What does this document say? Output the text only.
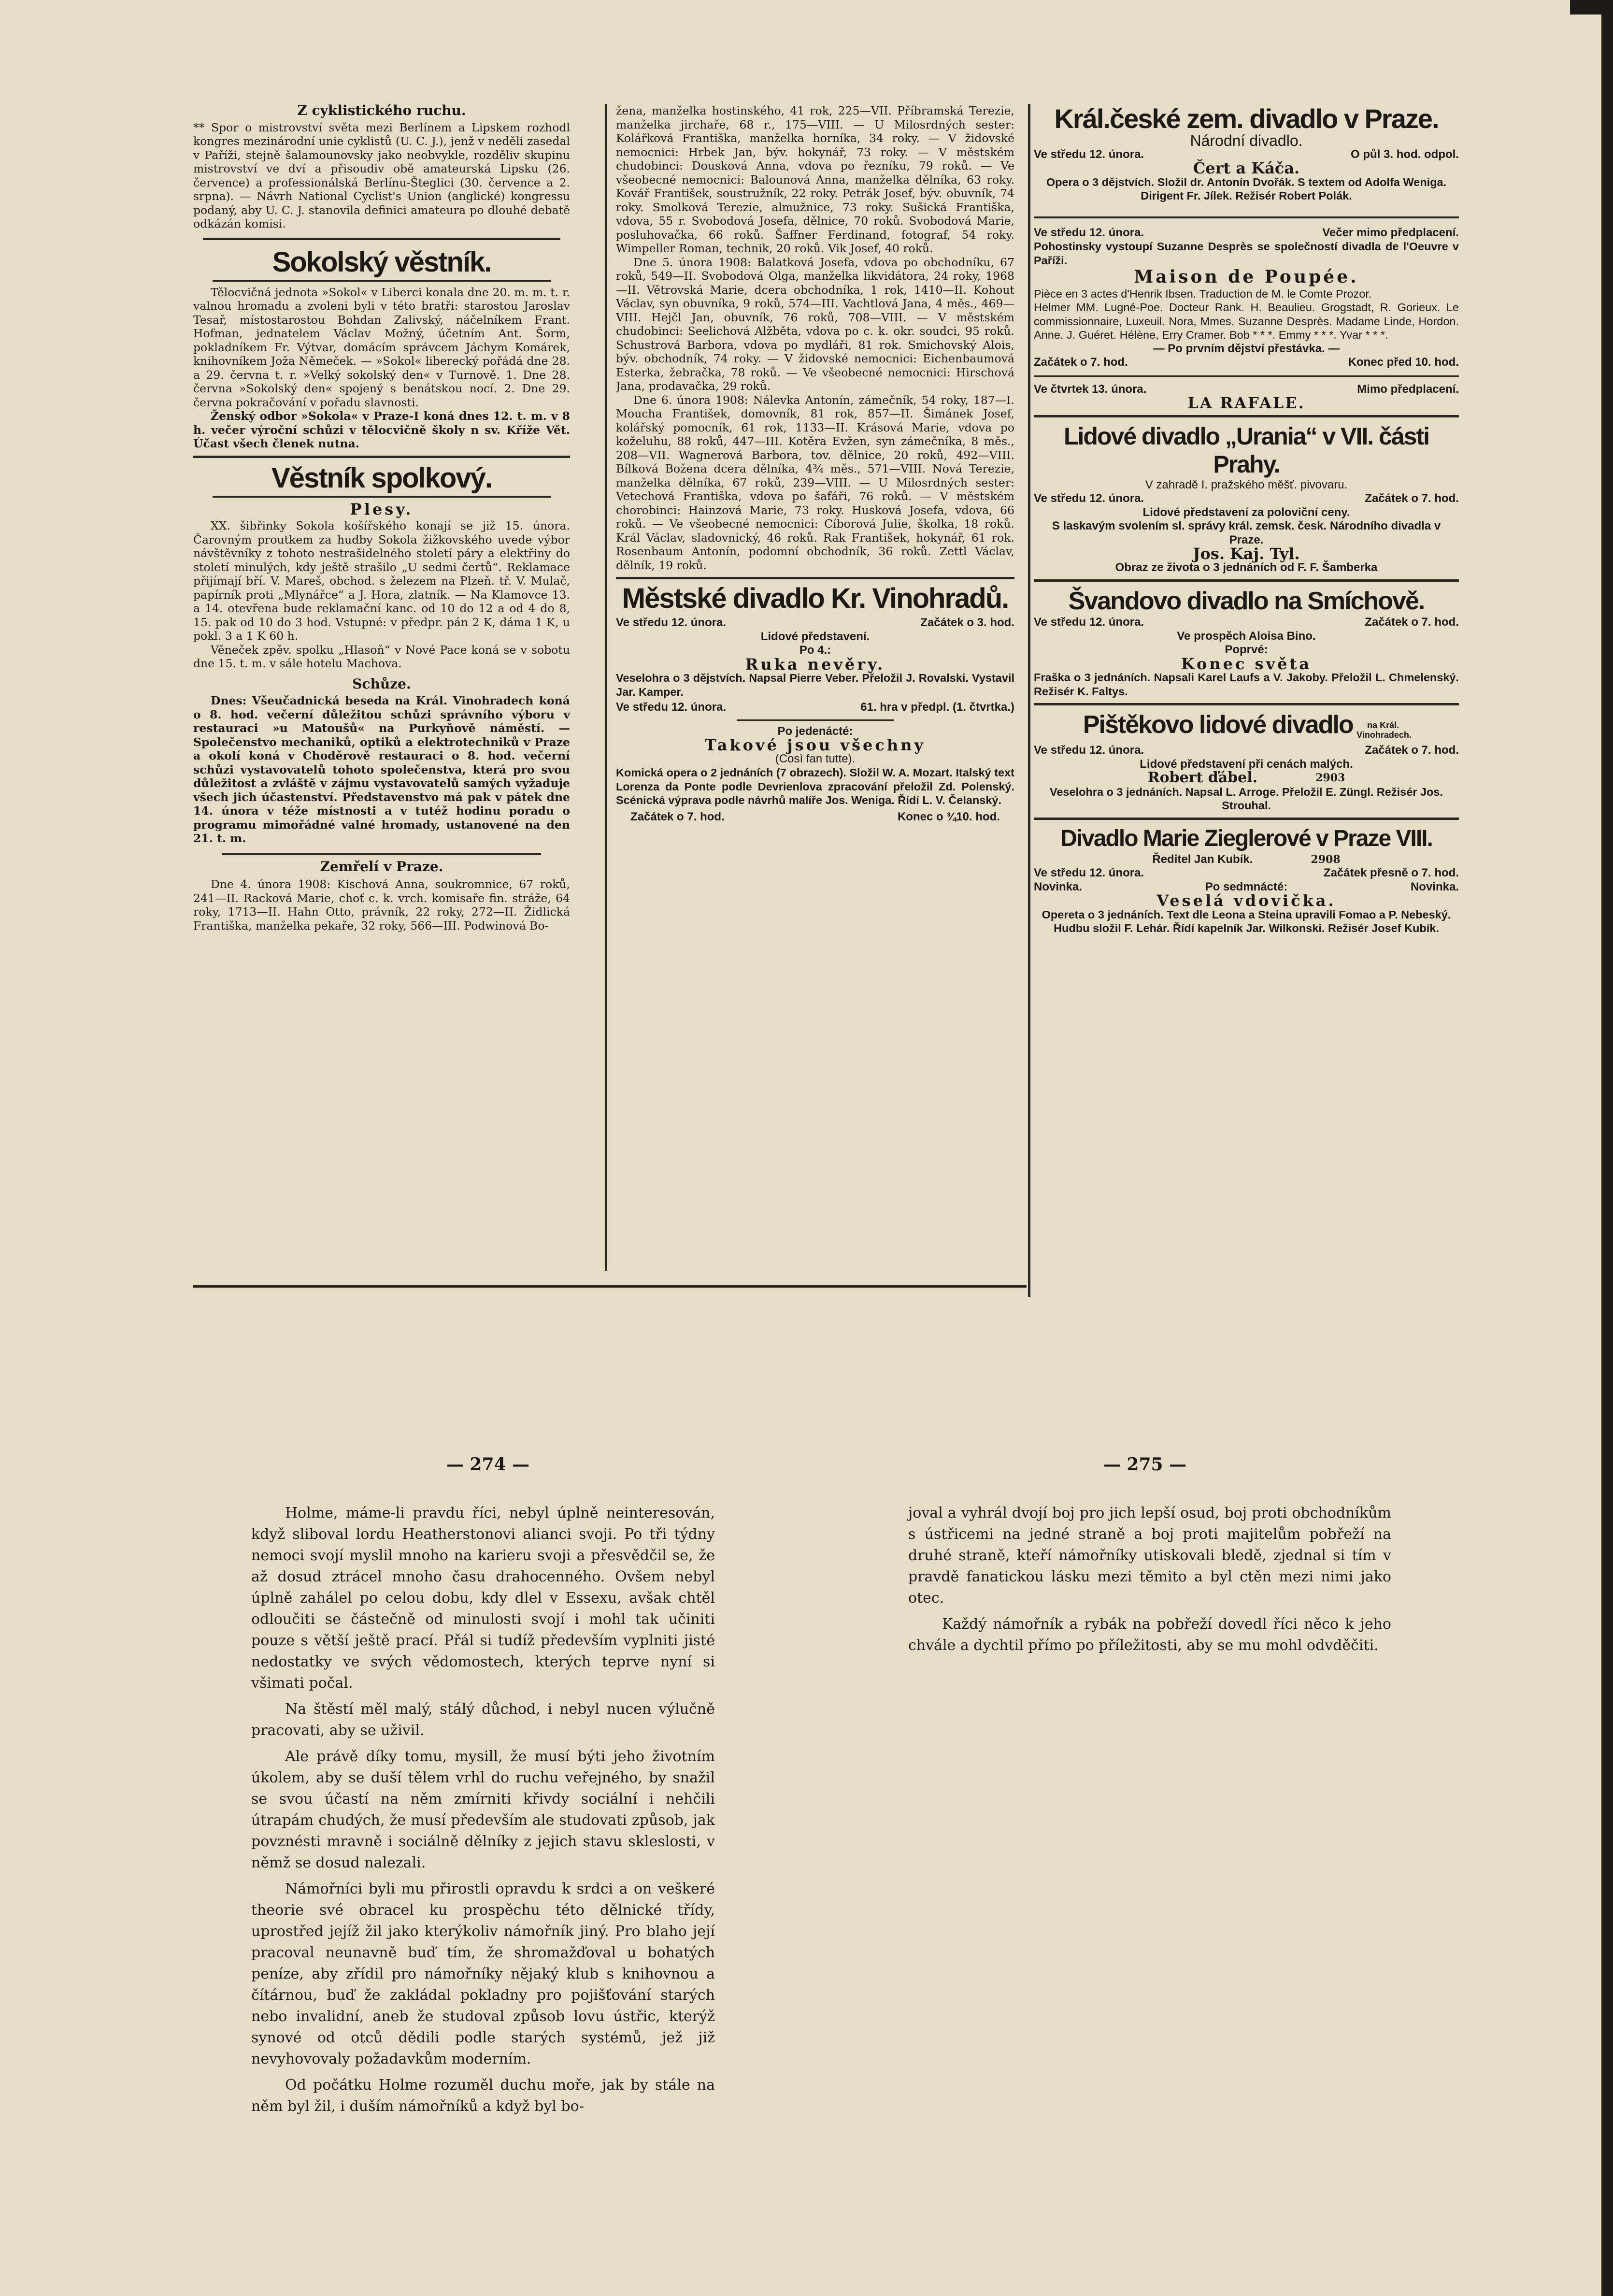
Z cyklistického ruchu.

** Spor o mistrovství světa mezi Berlínem a Lipskem rozhodl kongres mezinárodní unie cyklistů (U. C. J.), jenž v neděli zasedal v Paříži, stejně šalamounovsky jako neobvykle, rozděliv skupinu mistrovství ve dví a přisoudiv obě amateurská Lipsku (26. července) a professionálská Berlínu-Šteglici (30. července a 2. srpna). — Návrh National Cyclist's Union (anglické) kongressu podaný, aby U. C. J. stanovila definici amateura po dlouhé debatě odkázán komisi.

Sokolský věstník.

Tělocvičná jednota »Sokol« v Liberci konala dne 20. m. m. t. r. valnou hromadu a zvoleni byli v této bratři: starostou Jaroslav Tesař, místostarostou Bohdan Zalivský, náčelníkem Frant. Hofman, jednatelem Václav Možný, účetním Ant. Šorm, pokladníkem Fr. Výtvar, domácím správcem Jáchym Komárek, knihovníkem Joža Němeček. — »Sokol« liberecký pořádá dne 28. a 29. června t. r. »Velký sokolský den« v Turnově. 1. Dne 28. června »Sokolský den« spojený s benátskou nocí. 2. Dne 29. června pokračování v pořadu slavnosti.

Ženský odbor »Sokola« v Praze-I koná dnes 12. t. m. v 8 h. večer výroční schůzi v tělocvičně školy n sv. Kříže Vět. Účast všech členek nutna.

Věstník spolkový.
Plesy.

XX. šibřinky Sokola košířského konají se již 15. února. Čarovným proutkem za hudby Sokola žižkovského uvede výbor návštěvníky z tohoto nestrašidelného století páry a elektřiny do století minulých, kdy ještě strašilo „U sedmi čertů“. Reklamace přijímají bří. V. Mareš, obchod. s železem na Plzeň. tř. V. Mulač, papírník proti „Mlynářce“ a J. Hora, zlatník. — Na Klamovce 13. a 14. otevřena bude reklamační kanc. od 10 do 12 a od 4 do 8, 15. pak od 10 do 3 hod. Vstupné: v předpr. pán 2 K, dáma 1 K, u pokl. 3 a 1 K 60 h.

Věneček zpěv. spolku „Hlasoň“ v Nové Pace koná se v sobotu dne 15. t. m. v sále hotelu Machova.

Schůze.

Dnes: Všeučadnická beseda na Král. Vinohradech koná o 8. hod. večerní důležitou schůzi správního výboru v restauraci »u Matoušů« na Purkyňově náměstí. — Společenstvo mechaniků, optiků a elektrotechniků v Praze a okolí koná v Choděrově restauraci o 8. hod. večerní schůzi vystavovatelů tohoto společenstva, která pro svou důležitost a zvláště v zájmu vystavovatelů samých vyžaduje všech jich účastenství. Představenstvo má pak v pátek dne 14. února v téže místnosti a v tutéž hodinu poradu o programu mimořádné valné hromady, ustanovené na den 21. t. m.

Zemřelí v Praze.

Dne 4. února 1908: Kischová Anna, soukromnice, 67 roků, 241—II. Racková Marie, choť c. k. vrch. komisaře fin. stráže, 64 roky, 1713—II. Hahn Otto, právník, 22 roky, 272—II. Židlická Františka, manželka pekaře, 32 roky, 566—III. Podwinová Bo-

žena, manželka hostinského, 41 rok, 225—VII. Příbramská Terezie, manželka jirchaře, 68 r., 175—VIII. — U Milosrdných sester: Kolářková Františka, manželka horníka, 34 roky. — V židovské nemocnici: Hrbek Jan, býv. hokynář, 73 roky. — V městském chudobinci: Dousková Anna, vdova po řezníku, 79 roků. — Ve všeobecné nemocnici: Balounová Anna, manželka dělníka, 63 roky. Kovář František, soustružník, 22 roky. Petrák Josef, býv. obuvník, 74 roky. Smolková Terezie, almužnice, 73 roky. Sušická Františka, vdova, 55 r. Svobodová Josefa, dělnice, 70 roků. Svobodová Marie, posluhovačka, 66 roků. Šaffner Ferdinand, fotograf, 54 roky. Wimpeller Roman, technik, 20 roků. Vik Josef, 40 roků.

Dne 5. února 1908: Balatková Josefa, vdova po obchodníku, 67 roků, 549—II. Svobodová Olga, manželka likvidátora, 24 roky, 1968—II. Větrovská Marie, dcera obchodníka, 1 rok, 1410—II. Kohout Václav, syn obuvníka, 9 roků, 574—III. Vachtlová Jana, 4 měs., 469—VIII. Hejčl Jan, obuvník, 76 roků, 708—VIII. — V městském chudobinci: Seelichová Alžběta, vdova po c. k. okr. soudci, 95 roků. Schustrová Barbora, vdova po mydláři, 81 rok. Smichovský Alois, býv. obchodník, 74 roky. — V židovské nemocnici: Eichenbaumová Esterka, žebračka, 78 roků. — Ve všeobecné nemocnici: Hirschová Jana, prodavačka, 29 roků.

Dne 6. února 1908: Nálevka Antonín, zámečník, 54 roky, 187—I. Moucha František, domovník, 81 rok, 857—II. Šimánek Josef, kolářský pomocník, 61 rok, 1133—II. Krásová Marie, vdova po koželuhu, 88 roků, 447—III. Kotěra Evžen, syn zámečníka, 8 měs., 208—VII. Wagnerová Barbora, tov. dělnice, 20 roků, 492—VIII. Bílková Božena dcera dělníka, 4¾ měs., 571—VIII. Nová Terezie, manželka dělníka, 67 roků, 239—VIII. — U Milosrdných sester: Vetechová Františka, vdova po šafáři, 76 roků. — V městském chorobinci: Hainzová Marie, 73 roky. Husková Josefa, vdova, 66 roků. — Ve všeobecné nemocnici: Cíborová Julie, školka, 18 roků. Král Václav, sladovnický, 46 roků. Rak František, hokynář, 61 rok. Rosenbaum Antonín, podomní obchodník, 36 roků. Zettl Václav, dělník, 19 roků.

Městské divadlo Kr. Vinohradů.
Ve středu 12. února.	Začátek o 3. hod.
Lidové představení.
Po 4.:
Ruka nevěry.

Veselohra o 3 dějstvích. Napsal Pierre Veber. Přeložil J. Rovalski. Vystavil Jar. Kamper.

Ve středu 12. února.	61. hra v předpl. (1. čtvrtka.)
Po jedenácté:
Takové jsou všechny
(Così fan tutte).

Komická opera o 2 jednáních (7 obrazech). Složil W. A. Mozart. Italský text Lorenza da Ponte podle Devrienlova zpracování přeložil Zd. Polenský. Scénická výprava podle návrhů malíře Jos. Wenigа. Řídí L. V. Čelanský.

Začátek o 7. hod.	Konec o ¾10. hod.
Král.české zem. divadlo v Praze.
Národní divadlo.
Ve středu 12. února.	O půl 3. hod. odpol.
Čert a Káča.

Opera o 3 dějstvích. Složil dr. Antonín Dvořák. S textem od Adolfa Weniga. Dirigent Fr. Jílek. Režisér Robert Polák.

Ve středu 12. února.	Večer mimo předplacení.

Pohostinsky vystoupí Suzanne Desprès se společností divadla de l'Oeuvre v Paříži.

Maison de Poupée.

Pièce en 3 actes d'Henrik Ibsen. Traduction de M. le Comte Prozor.

Helmer MM. Lugné-Poe. Docteur Rank. H. Beaulieu. Grogstadt, R. Gorieux. Le commissionnaire, Luxeuil. Nora, Mmes. Suzanne Desprès. Madame Linde, Hordon. Anne. J. Guéret. Hélène, Erry Cramer. Bob * * *. Emmy * * *. Yvar * * *.

— Po prvním dějství přestávka. —
Začátek o 7. hod.	Konec před 10. hod.
Ve čtvrtek 13. února.	Mimo předplacení.
LA RAFALE.
Lidové divadlo „Urania“ v VII. části Prahy.
V zahradě I. pražského měšť. pivovaru.
Ve středu 12. února.	Začátek o 7. hod.
Lidové představení za poloviční ceny.
S laskavým svolením sl. správy král. zemsk. česk. Národního divadla v Praze.
Jos. Kaj. Tyl.
Obraz ze života o 3 jednáních od F. F. Šamberka
Švandovo divadlo na Smíchově.
Ve středu 12. února.	Začátek o 7. hod.
Ve prospěch Aloisa Bino.
Poprvé:
Konec světa

Fraška o 3 jednáních. Napsali Karel Laufs a V. Jakoby. Přeložil L. Chmelenský. Režisér K. Faltys.

Pištěkovo lidové divadlo na Král. Vinohradech.
Ve středu 12. února.	Začátek o 7. hod.
Lidové představení při cenách malých.
Robert ďábel.	2903

Veselohra o 3 jednáních. Napsal L. Arroge. Přeložil E. Züngl. Režisér Jos. Strouhal.

Divadlo Marie Zieglerové v Praze VIII.
Ředitel Jan Kubík.	2908
Ve středu 12. února.	Začátek přesně o 7. hod.
Novinka.	Po sedmnácté:	Novinka.
Veselá vdovička.

Opereta o 3 jednáních. Text dle Leona a Steina upravili Fomao a P. Nebeský. Hudbu složil F. Lehár. Řídí kapelník Jar. Wilkonski. Režisér Josef Kubík.

— 274 —	— 275 —

Holme, máme-li pravdu říci, nebyl úplně neinteresován, když sliboval lordu Heatherstonovi alianci svoji. Po tři týdny nemoci svojí myslil mnoho na karieru svoji a přesvědčil se, že až dosud ztrácel mnoho času drahocenného. Ovšem nebyl úplně zahálel po celou dobu, kdy dlel v Essexu, avšak chtěl odloučiti se částečně od minulosti svojí i mohl tak učiniti pouze s větší ještě prací. Přál si tudíž především vyplniti jisté nedostatky ve svých vědomostech, kterých teprve nyní si všimati počal.

Na štěstí měl malý, stálý důchod, i nebyl nucen výlučně pracovati, aby se uživil.

Ale právě díky tomu, mysill, že musí býti jeho životním úkolem, aby se duší tělem vrhl do ruchu veřejného, by snažil se svou účastí na něm zmírniti křivdy sociální i nehčili útrapám chudých, že musí především ale studovati způsob, jak povznésti mravně i sociálně dělníky z jejich stavu skleslosti, v němž se dosud nalezali.

Námořníci byli mu přirostli opravdu k srdci a on veškeré theorie své obracel ku prospěchu této dělnické třídy, uprostřed jejíž žil jako kterýkoliv námořník jiný. Pro blaho její pracoval neunavně buď tím, že shromažďoval u bohatých peníze, aby zřídil pro námořníky nějaký klub s knihovnou a čítárnou, buď že zakládal pokladny pro pojišťování starých nebo invalidní, aneb že studoval způsob lovu ústřic, kterýž synové od otců dědili podle starých systémů, jež již nevyhovovaly požadavkům moderním.

Od počátku Holme rozuměl duchu moře, jak by stále na něm byl žil, i duším námořníků a když byl bo-

joval a vyhrál dvojí boj pro jich lepší osud, boj proti obchodníkům s ústřicemi na jedné straně a boj proti majitelům pobřeží na druhé straně, kteří námořníky utiskovali bledě, zjednal si tím v pravdě fanatickou lásku mezi těmito a byl ctěn mezi nimi jako otec.

Každý námořník a rybák na pobřeží dovedl říci něco k jeho chvále a dychtil přímo po příležitosti, aby se mu mohl odvděčiti.
